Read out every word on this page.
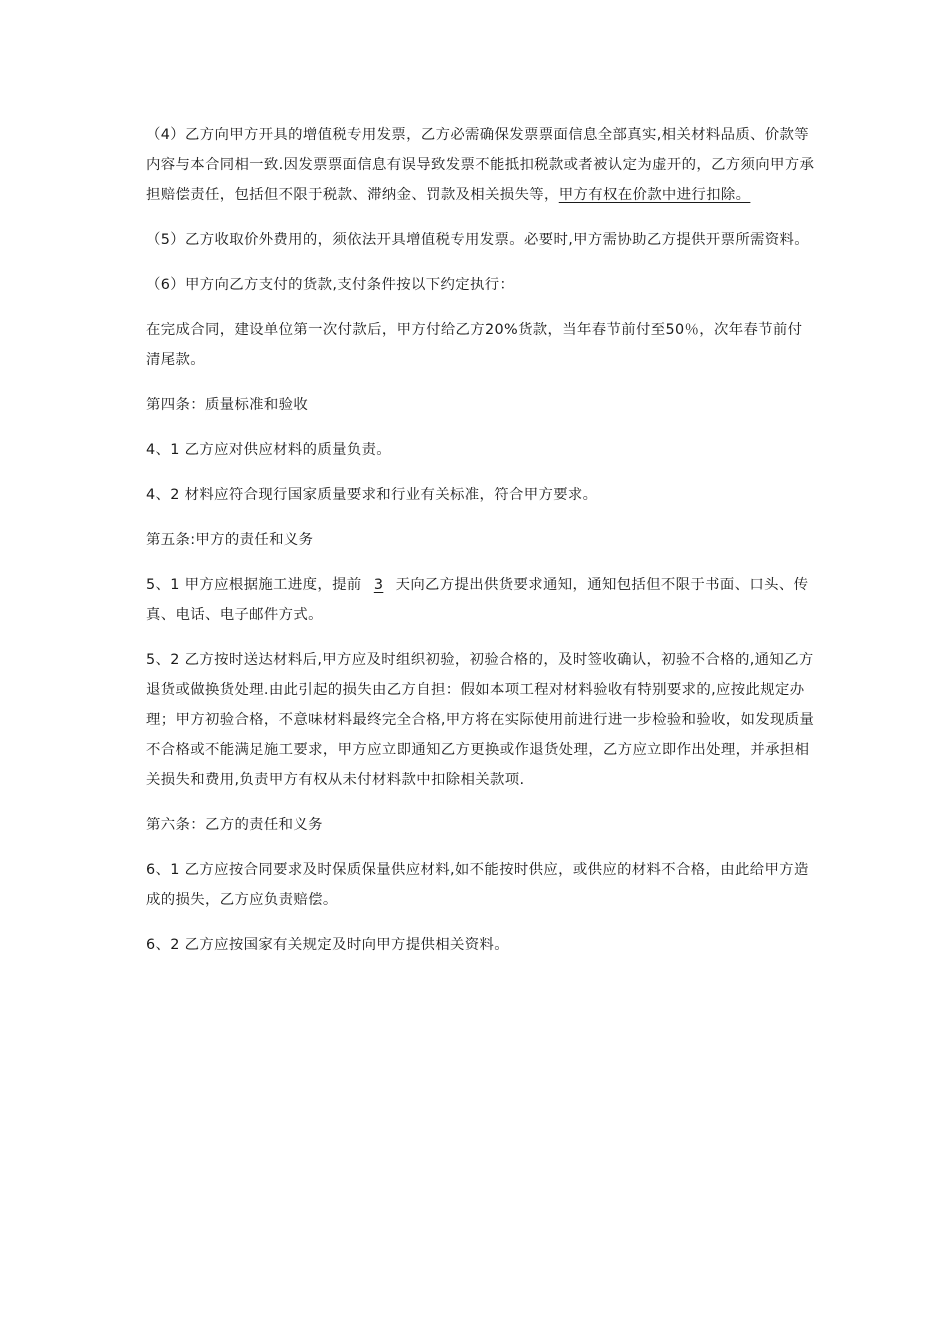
（4）乙方向甲方开具的增值税专用发票，乙方必需确保发票票面信息全部真实,相关材料品质、价款等内容与本合同相一致.因发票票面信息有误导致发票不能抵扣税款或者被认定为虚开的，乙方须向甲方承担赔偿责任，包括但不限于税款、滞纳金、罚款及相关损失等，甲方有权在价款中进行扣除。

（5）乙方收取价外费用的，须依法开具增值税专用发票。必要时,甲方需协助乙方提供开票所需资料。

（6）甲方向乙方支付的货款,支付条件按以下约定执行：

在完成合同，建设单位第一次付款后，甲方付给乙方20%货款，当年春节前付至50％，次年春节前付清尾款。

第四条：质量标准和验收

4、1 乙方应对供应材料的质量负责。

4、2 材料应符合现行国家质量要求和行业有关标准，符合甲方要求。

第五条:甲方的责任和义务

5、1 甲方应根据施工进度，提前 3 天向乙方提出供货要求通知，通知包括但不限于书面、口头、传真、电话、电子邮件方式。

5、2 乙方按时送达材料后,甲方应及时组织初验，初验合格的，及时签收确认，初验不合格的,通知乙方退货或做换货处理.由此引起的损失由乙方自担：假如本项工程对材料验收有特别要求的,应按此规定办理；甲方初验合格，不意味材料最终完全合格,甲方将在实际使用前进行进一步检验和验收，如发现质量不合格或不能满足施工要求，甲方应立即通知乙方更换或作退货处理，乙方应立即作出处理，并承担相关损失和费用,负责甲方有权从未付材料款中扣除相关款项.

第六条：乙方的责任和义务

6、1 乙方应按合同要求及时保质保量供应材料,如不能按时供应，或供应的材料不合格，由此给甲方造成的损失，乙方应负责赔偿。

6、2 乙方应按国家有关规定及时向甲方提供相关资料。
